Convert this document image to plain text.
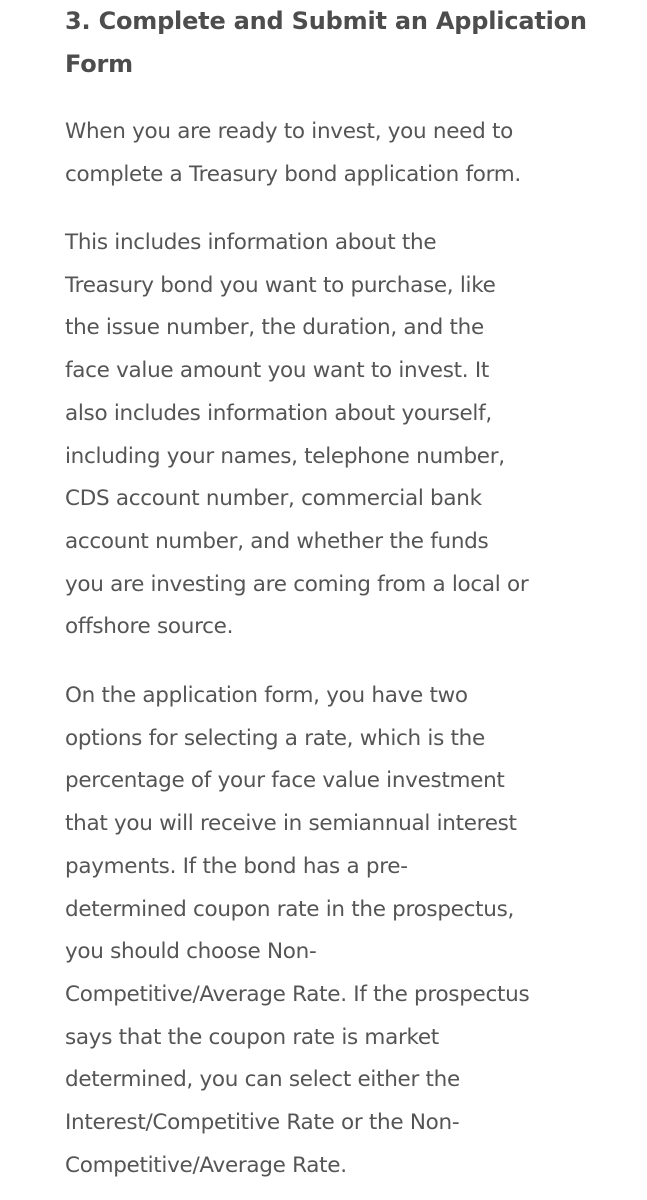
3. Complete and Submit an Application
Form

When you are ready to invest, you need to
complete a Treasury bond application form.

This includes information about the
Treasury bond you want to purchase, like
the issue number, the duration, and the
face value amount you want to invest. It
also includes information about yourself,
including your names, telephone number,
CDS account number, commercial bank
account number, and whether the funds
you are investing are coming from a local or
offshore source.

On the application form, you have two
options for selecting a rate, which is the
percentage of your face value investment
that you will receive in semiannual interest
payments. If the bond has a pre-
determined coupon rate in the prospectus,
you should choose Non-
Competitive/Average Rate. If the prospectus
says that the coupon rate is market
determined, you can select either the
Interest/Competitive Rate or the Non-
Competitive/Average Rate.
